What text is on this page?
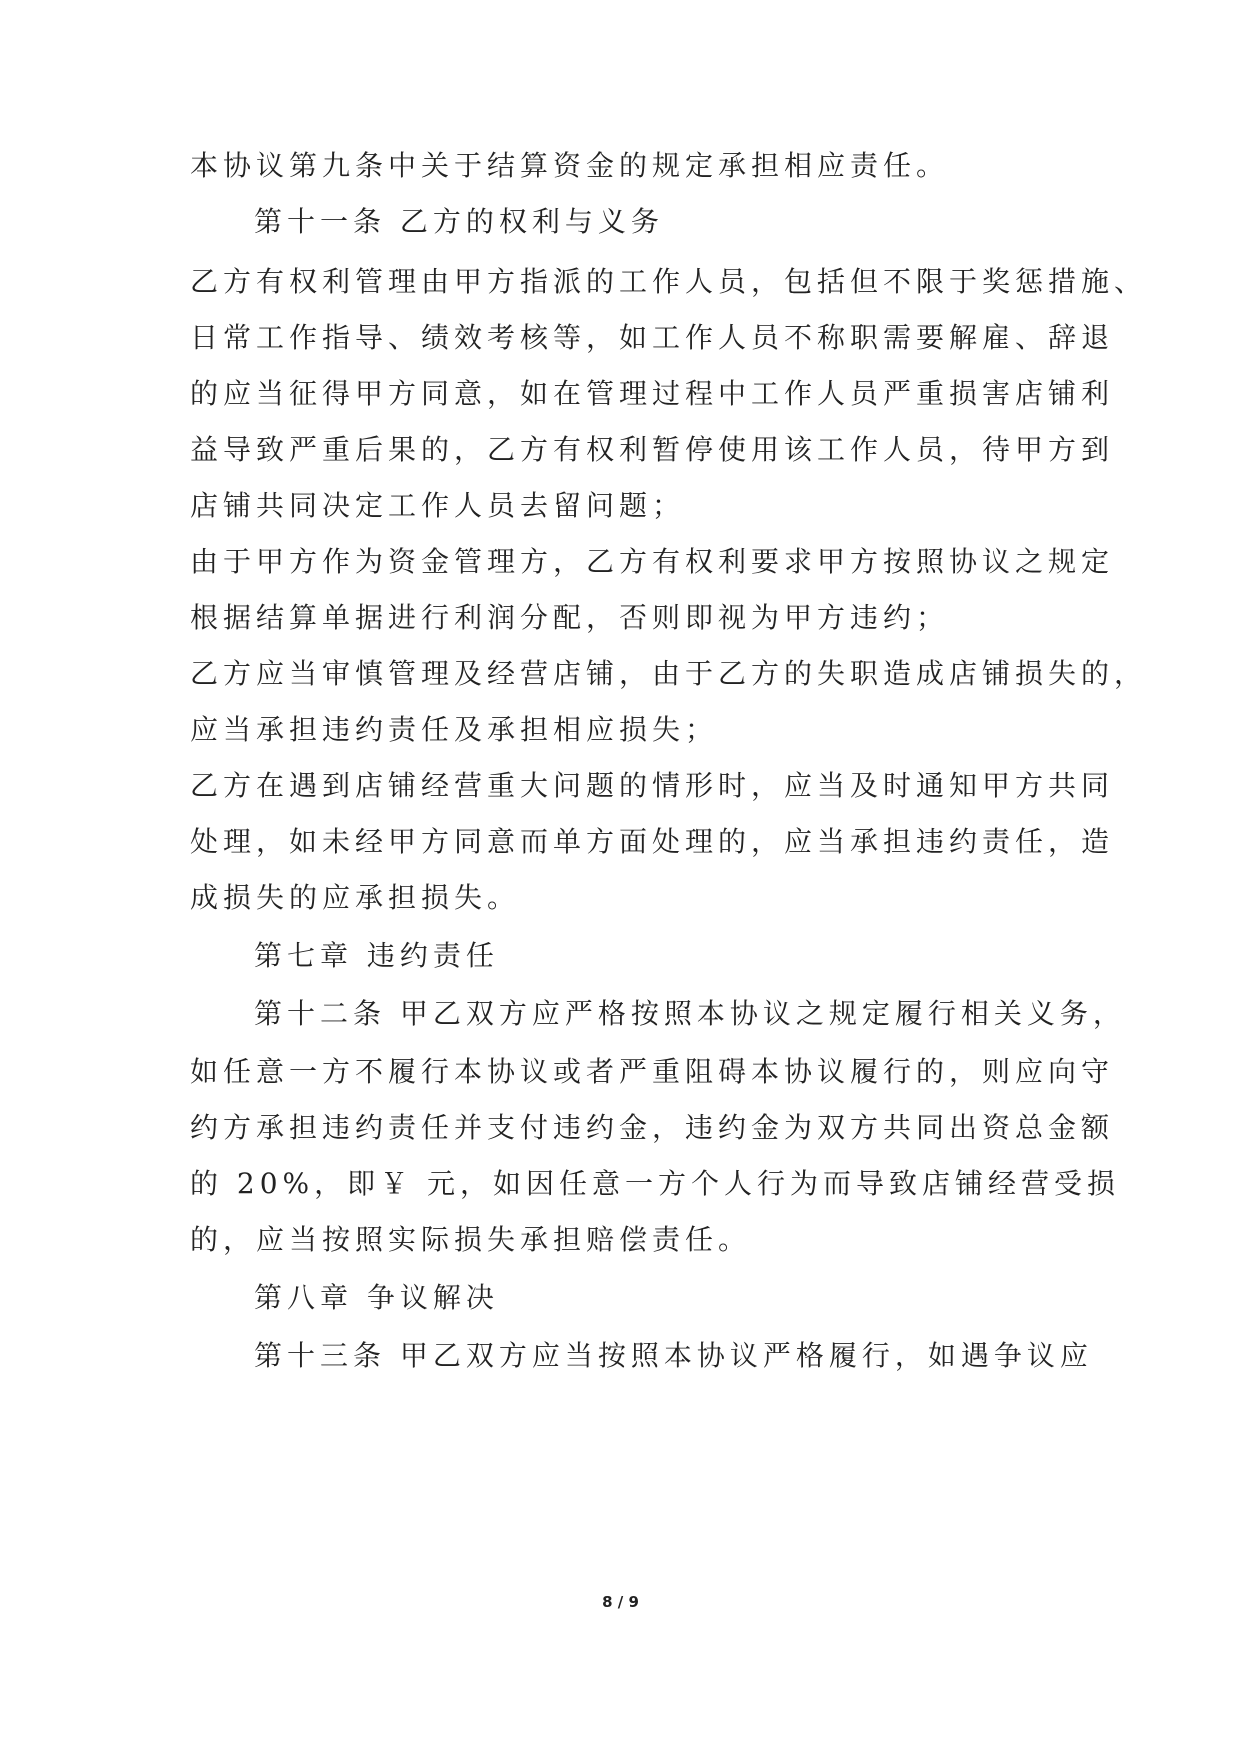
本协议第九条中关于结算资金的规定承担相应责任。
第十一条 乙方的权利与义务
乙方有权利管理由甲方指派的工作人员，包括但不限于奖惩措施、
日常工作指导、绩效考核等，如工作人员不称职需要解雇、辞退
的应当征得甲方同意，如在管理过程中工作人员严重损害店铺利
益导致严重后果的，乙方有权利暂停使用该工作人员，待甲方到
店铺共同决定工作人员去留问题；
由于甲方作为资金管理方，乙方有权利要求甲方按照协议之规定
根据结算单据进行利润分配，否则即视为甲方违约；
乙方应当审慎管理及经营店铺，由于乙方的失职造成店铺损失的，
应当承担违约责任及承担相应损失；
乙方在遇到店铺经营重大问题的情形时，应当及时通知甲方共同
处理，如未经甲方同意而单方面处理的，应当承担违约责任，造
成损失的应承担损失。
第七章 违约责任
第十二条 甲乙双方应严格按照本协议之规定履行相关义务，
如任意一方不履行本协议或者严重阻碍本协议履行的，则应向守
约方承担违约责任并支付违约金，违约金为双方共同出资总金额
的 20%，即￥ 元，如因任意一方个人行为而导致店铺经营受损
的，应当按照实际损失承担赔偿责任。
第八章 争议解决
第十三条 甲乙双方应当按照本协议严格履行，如遇争议应
8 / 9
